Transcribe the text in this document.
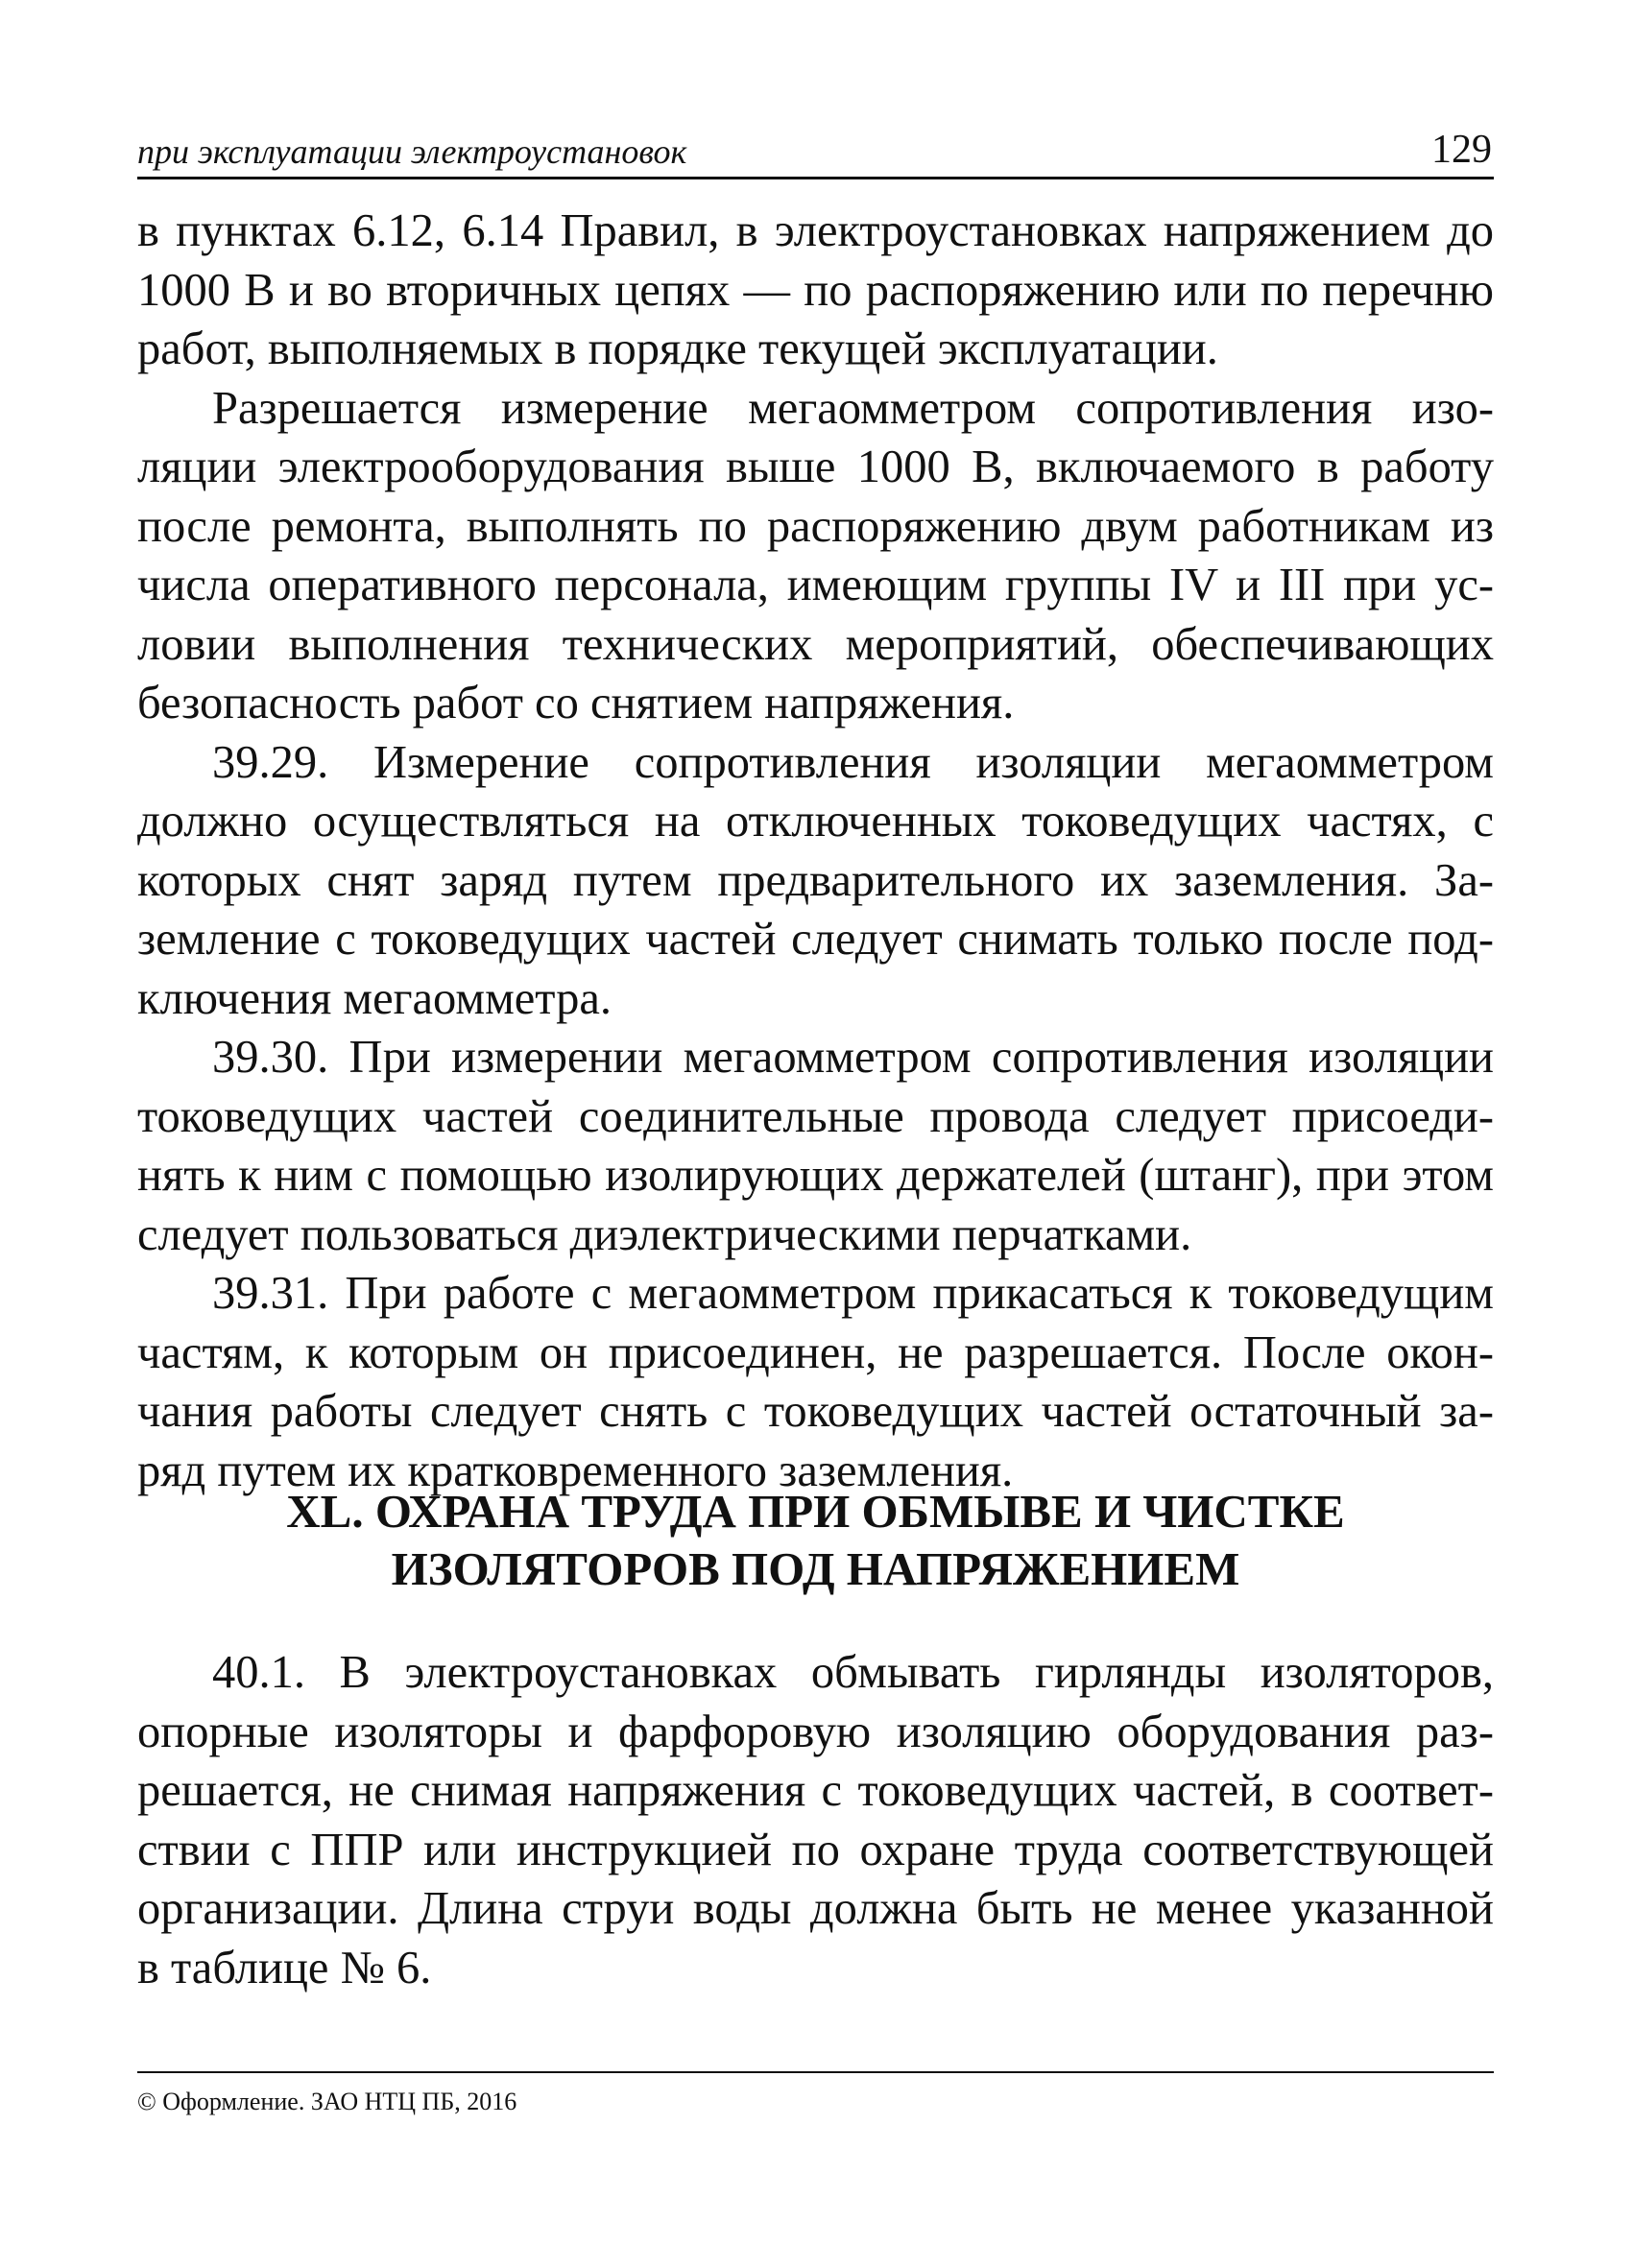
при эксплуатации электроустановок	129

в пунктах 6.12, 6.14 Правил, в электроустановках напряжением до
1000 В и во вторичных цепях — по распоряжению или по перечню
работ, выполняемых в порядке текущей эксплуатации.

Разрешается измерение мегаомметром сопротивления изо-
ляции электрооборудования выше 1000 В, включаемого в работу
после ремонта, выполнять по распоряжению двум работникам из
числа оперативного персонала, имеющим группы IV и III при ус-
ловии выполнения технических мероприятий, обеспечивающих
безопасность работ со снятием напряжения.

39.29. Измерение сопротивления изоляции мегаомметром
должно осуществляться на отключенных токоведущих частях, с
которых снят заряд путем предварительного их заземления. За-
земление с токоведущих частей следует снимать только после под-
ключения мегаомметра.

39.30. При измерении мегаомметром сопротивления изоляции
токоведущих частей соединительные провода следует присоеди-
нять к ним с помощью изолирующих держателей (штанг), при этом
следует пользоваться диэлектрическими перчатками.

39.31. При работе с мегаомметром прикасаться к токоведущим
частям, к которым он присоединен, не разрешается. После окон-
чания работы следует снять с токоведущих частей остаточный за-
ряд путем их кратковременного заземления.

XL. ОХРАНА ТРУДА ПРИ ОБМЫВЕ И ЧИСТКЕ
ИЗОЛЯТОРОВ ПОД НАПРЯЖЕНИЕМ

40.1. В электроустановках обмывать гирлянды изоляторов,
опорные изоляторы и фарфоровую изоляцию оборудования раз-
решается, не снимая напряжения с токоведущих частей, в соответ-
ствии с ППР или инструкцией по охране труда соответствующей
организации. Длина струи воды должна быть не менее указанной
в таблице № 6.

© Оформление. ЗАО НТЦ ПБ, 2016
